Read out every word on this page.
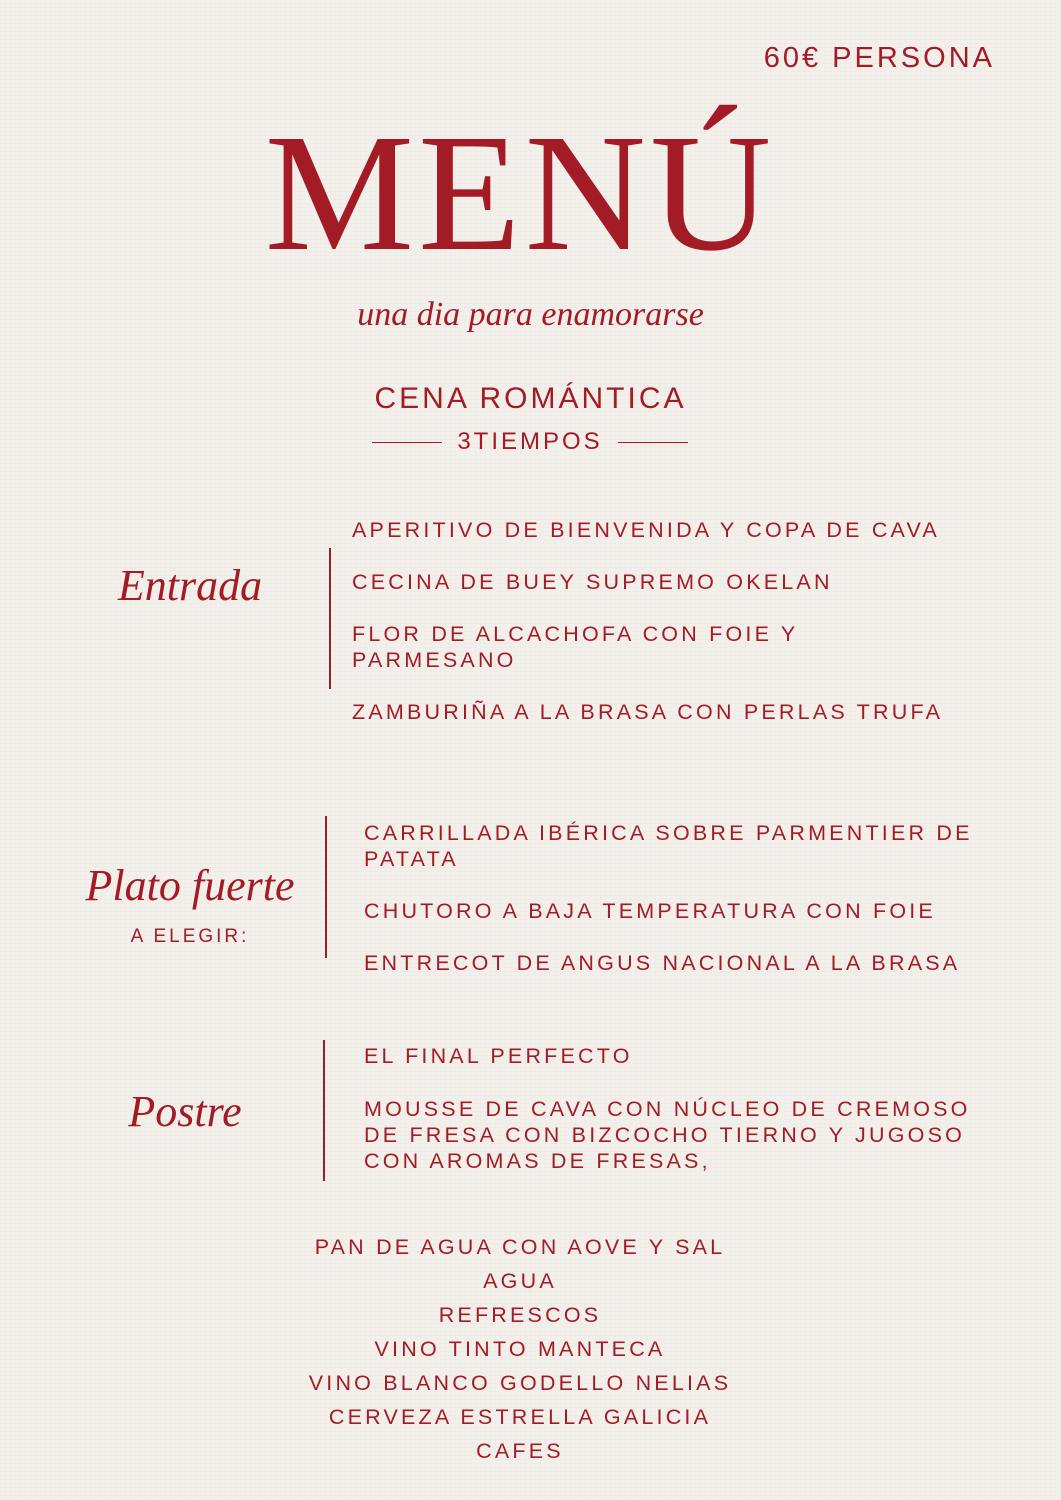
60€ PERSONA
MENÚ
una dia para enamorarse
CENA ROMÁNTICA
3TIEMPOS
Entrada
APERITIVO DE BIENVENIDA Y COPA DE CAVA
CECINA DE BUEY SUPREMO OKELAN
FLOR DE ALCACHOFA CON FOIE Y
PARMESANO
ZAMBURIÑA A LA BRASA CON PERLAS TRUFA
Plato fuerte
A ELEGIR:
CARRILLADA IBÉRICA SOBRE PARMENTIER DE
PATATA
CHUTORO A BAJA TEMPERATURA CON FOIE
ENTRECOT DE ANGUS NACIONAL A LA BRASA
Postre
EL FINAL PERFECTO
MOUSSE DE CAVA CON NÚCLEO DE CREMOSO
DE FRESA CON BIZCOCHO TIERNO Y JUGOSO
CON AROMAS DE FRESAS,
PAN DE AGUA CON AOVE Y SAL
AGUA
REFRESCOS
VINO TINTO MANTECA
VINO BLANCO GODELLO NELIAS
CERVEZA ESTRELLA GALICIA
CAFES
